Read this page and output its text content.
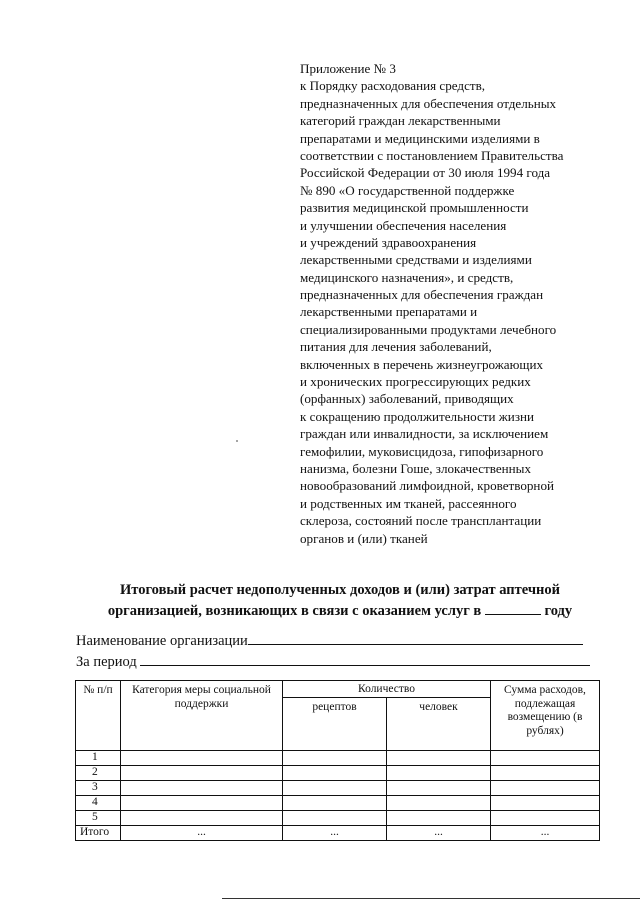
Приложение № 3
к Порядку расходования средств,
предназначенных для обеспечения отдельных
категорий граждан лекарственными
препаратами и медицинскими изделиями в
соответствии с постановлением Правительства
Российской Федерации от 30 июля 1994 года
№ 890 «О государственной поддержке
развития медицинской промышленности
и улучшении обеспечения населения
и учреждений здравоохранения
лекарственными средствами и изделиями
медицинского назначения», и средств,
предназначенных для обеспечения граждан
лекарственными препаратами и
специализированными продуктами лечебного
питания для лечения заболеваний,
включенных в перечень жизнеугрожающих
и хронических прогрессирующих редких
(орфанных) заболеваний, приводящих
к сокращению продолжительности жизни
граждан или инвалидности, за исключением
гемофилии, муковисцидоза, гипофизарного
нанизма, болезни Гоше, злокачественных
новообразований лимфоидной, кроветворной
и родственных им тканей, рассеянного
склероза, состояний после трансплантации
органов и (или) тканей
Итоговый расчет недополученных доходов и (или) затрат аптечной
организацией, возникающих в связи с оказанием услуг в	году
Наименование организации
За период
№ п/п	Категория меры социальной поддержки	Количество		Сумма расходов, подлежащая возмещению (в рублях)
		рецептов	человек	
1				
2				
3				
4				
5				
Итого	...	...	...	...
